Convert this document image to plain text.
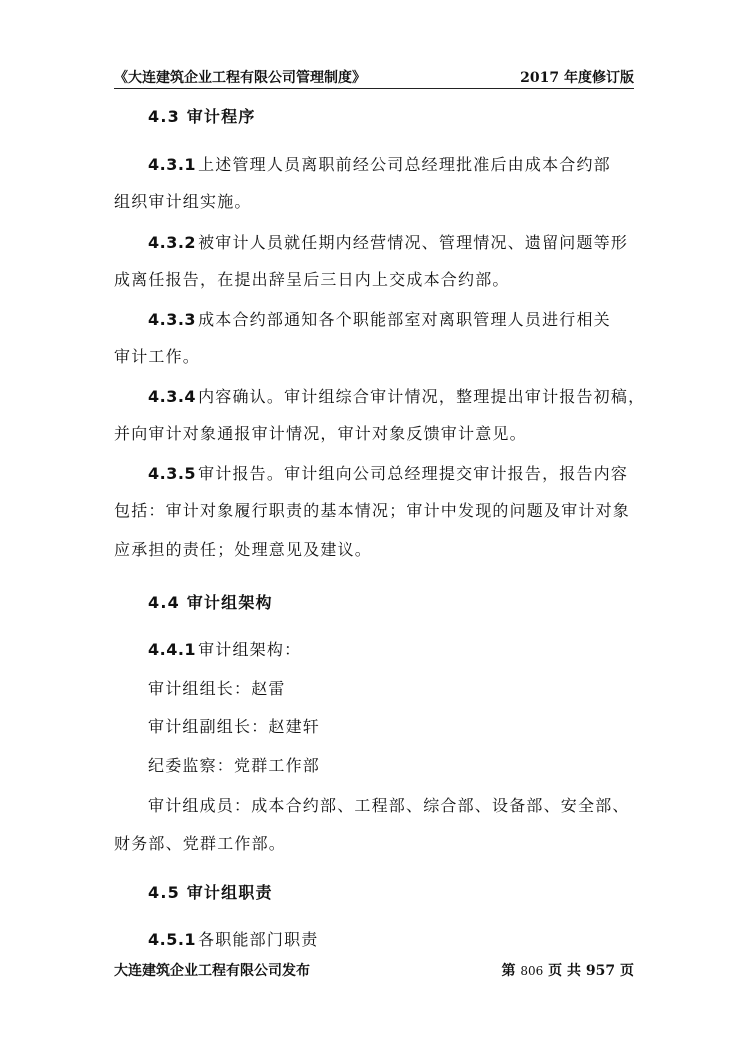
《大连建筑企业工程有限公司管理制度》	2017 年度修订版
4.3 审计程序
4.3.1 上述管理人员离职前经公司总经理批准后由成本合约部
组织审计组实施。
4.3.2 被审计人员就任期内经营情况、管理情况、遗留问题等形
成离任报告，在提出辞呈后三日内上交成本合约部。
4.3.3 成本合约部通知各个职能部室对离职管理人员进行相关
审计工作。
4.3.4 内容确认。审计组综合审计情况，整理提出审计报告初稿，
并向审计对象通报审计情况，审计对象反馈审计意见。
4.3.5 审计报告。审计组向公司总经理提交审计报告，报告内容
包括：审计对象履行职责的基本情况；审计中发现的问题及审计对象
应承担的责任；处理意见及建议。
4.4 审计组架构
4.4.1 审计组架构：
审计组组长：赵雷
审计组副组长：赵建轩
纪委监察：党群工作部
审计组成员：成本合约部、工程部、综合部、设备部、安全部、
财务部、党群工作部。
4.5 审计组职责
4.5.1 各职能部门职责
大连建筑企业工程有限公司发布	第 806 页 共 957 页
